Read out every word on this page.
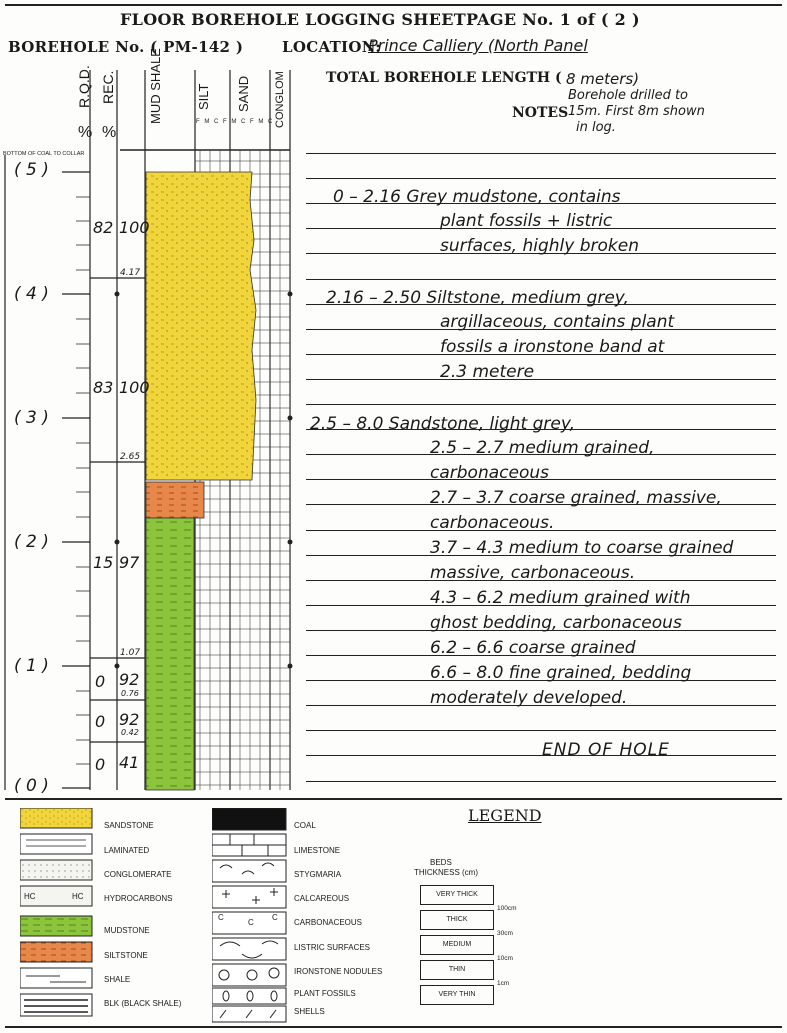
FLOOR BOREHOLE LOGGING SHEET PAGE No. 1 of ( 2 )
BOREHOLE No. ( PM-142 )	LOCATION:
Prince Calliery (North Panel
TOTAL BOREHOLE LENGTH ( 8 meters)
NOTES
Borehole drilled to
15m. First 8m shown
in log.
R.Q.D. REC.
% %
MUD SHALE	SILT SAND CONGLOM
F M C F M C F M C
BOTTOM OF COAL TO COLLAR
( 5 )
( 4 )
( 3 )
( 2 )
( 1 )
( 0 )
82 100
4.17
83 100
2.65
15 97
1.07
0 92
0.76
0 92
0.42
0 41
0 – 2.16 Grey mudstone, contains
plant fossils + listric
surfaces, highly broken
2.16 – 2.50 Siltstone, medium grey,
argillaceous, contains plant
fossils a ironstone band at
2.3 metere
2.5 – 8.0 Sandstone, light grey,
2.5 – 2.7 medium grained,
carbonaceous
2.7 – 3.7 coarse grained, massive,
carbonaceous.
3.7 – 4.3 medium to coarse grained
massive, carbonaceous.
4.3 – 6.2 medium grained with
ghost bedding, carbonaceous
6.2 – 6.6 coarse grained
6.6 – 8.0 fine grained, bedding
moderately developed.
END OF HOLE
LEGEND
HC	HC
SANDSTONE
LAMINATED
CONGLOMERATE
HYDROCARBONS
MUDSTONE
SILTSTONE
SHALE
BLK (BLACK SHALE)
C
C
C
COAL
LIMESTONE
STYGMARIA
CALCAREOUS
CARBONACEOUS
LISTRIC SURFACES
IRONSTONE NODULES
PLANT FOSSILS
SHELLS
BEDS
THICKNESS (cm)
VERY THICK
THICK
MEDIUM
THIN
VERY THIN
100cm
30cm
10cm
1cm
